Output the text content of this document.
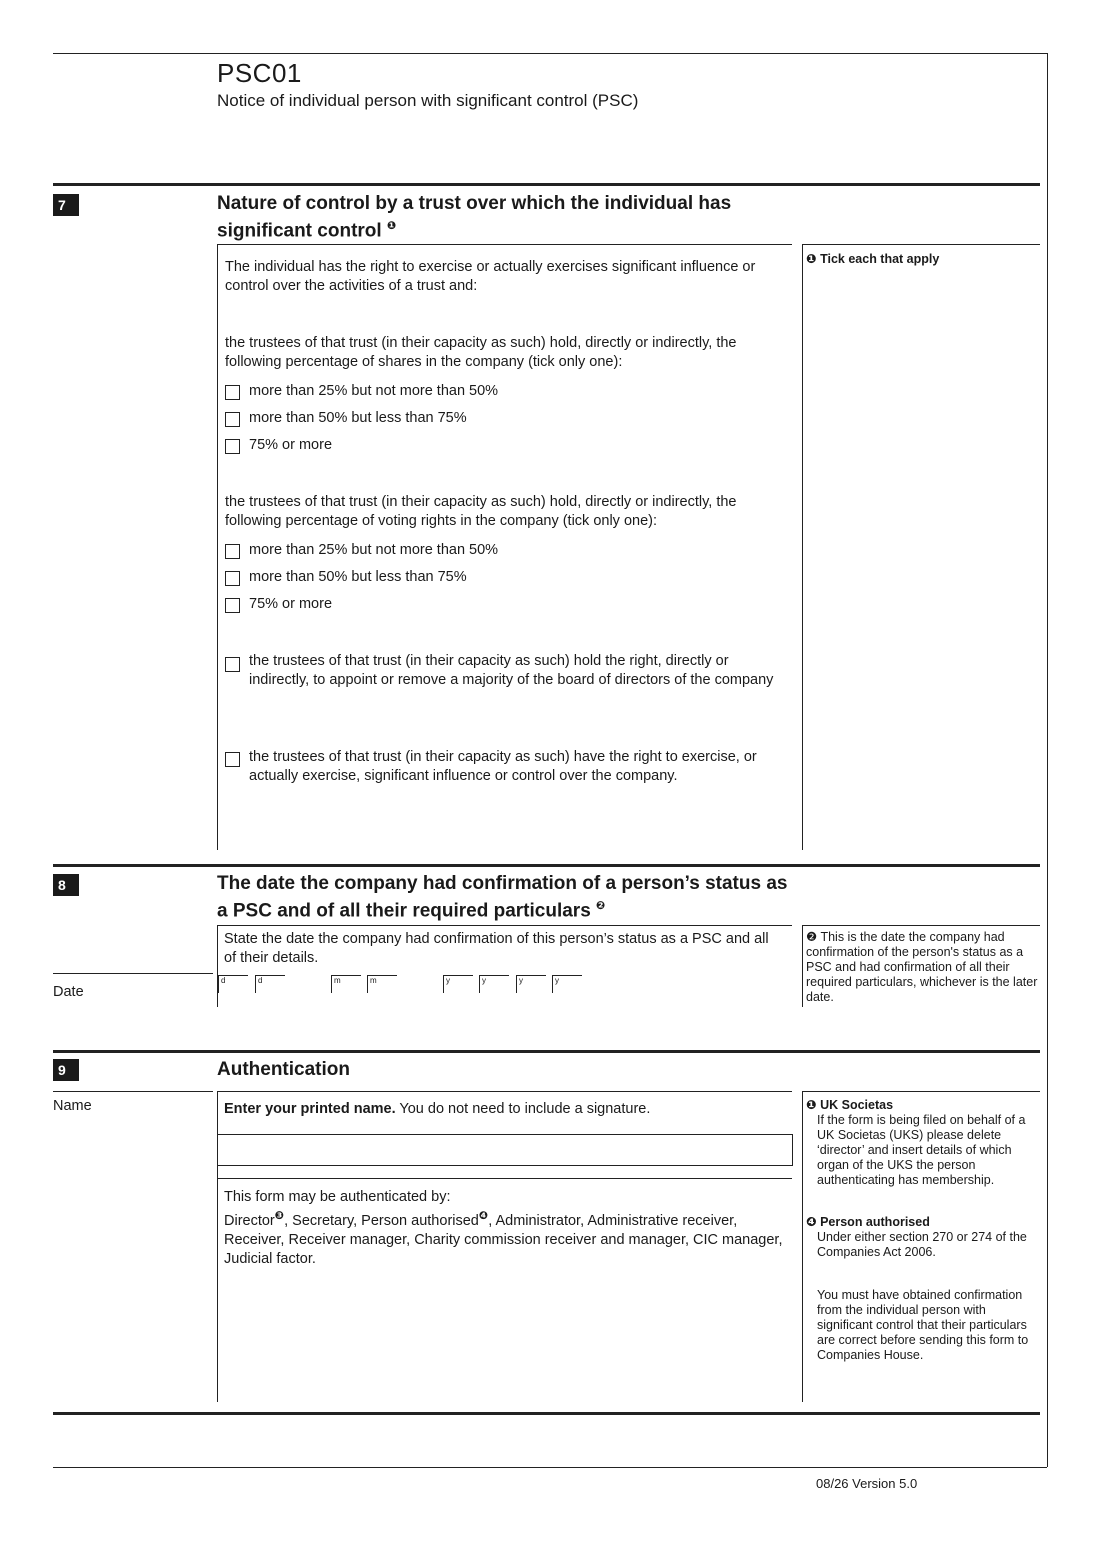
PSC01
Notice of individual person with significant control (PSC)
7	Nature of control by a trust over which the individual has significant control $^❶$
❶ Tick each that apply
The individual has the right to exercise or actually exercises significant influence or control over the activities of a trust and:
the trustees of that trust (in their capacity as such) hold, directly or indirectly, the following percentage of shares in the company (tick only one):
more than 25% but not more than 50%
more than 50% but less than 75%
75% or more
the trustees of that trust (in their capacity as such) hold, directly or indirectly, the following percentage of voting rights in the company (tick only one):
more than 25% but not more than 50%
more than 50% but less than 75%
75% or more
the trustees of that trust (in their capacity as such) hold the right, directly or indirectly, to appoint or remove a majority of the board of directors of the company
the trustees of that trust (in their capacity as such) have the right to exercise, or actually exercise, significant influence or control over the company.
8	The date the company had confirmation of a person’s status as a PSC and of all their required particulars $^❷$
State the date the company had confirmation of this person’s status as a PSC and all of their details.
❷ This is the date the company had confirmation of the person's status as a PSC and had confirmation of all their required particulars, whichever is the later date.
Date
d	d	m	m	y	y	y	y
9	Authentication
Name	Enter your printed name. You do not need to include a signature.
This form may be authenticated by:
Director$^❸$, Secretary, Person authorised$^❹$, Administrator, Administrative receiver, Receiver, Receiver manager, Charity commission receiver and manager, CIC manager, Judicial factor.
❶ UK Societas
If the form is being filed on behalf of a UK Societas (UKS) please delete ‘director’ and insert details of which organ of the UKS the person authenticating has membership.
❹ Person authorised
Under either section 270 or 274 of the Companies Act 2006.
You must have obtained confirmation from the individual person with significant control that their particulars are correct before sending this form to Companies House.
08/26 Version 5.0
